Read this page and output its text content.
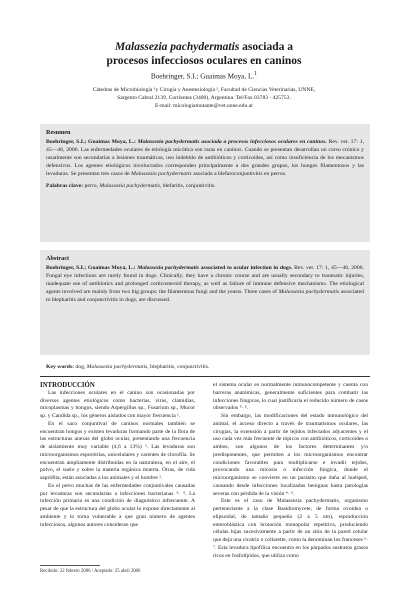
Malassezia pachydermatis asociada a
procesos infecciosos oculares en caninos
Boehringer, S.I.; Guaimas Moya, L.$^1$
Cátedras de Microbiología ¹y Cirugía y Anestesiología ², Facultad de Ciencias Veterinarias, UNNE,
Sargento Cabral 2139, Corrientes (3400), Argentina. Tel/Fax 03783 - 425753.
E-mail: micologiamutante@vet.unne.edu.ar
Resumen

Boehringer, S.I.; Guaimas Moya, L.: Malassezia pachydermatis asociada a procesos infecciosos oculares en caninos. Rev. vet. 17: 1, 45—46, 2006. Las enfermedades oculares de etiología micótica son raras en caninos. Cuando se presentan desarrollan un curso crónico y usualmente son secundarias a lesiones traumáticas, uso indebido de antibióticos y corticoides, así como insuficiencia de los mecanismos defensivos. Los agentes etiológicos involucrados corresponden principalmente a dos grandes grupos, los hongos filamentosos y las levaduras. Se presentan tres casos de Malassezia pachydermatis asociada a blefaroconjuntivitis en perros.

Palabras clave: perro, Malassezia pachydermatis, blefaritis, conjuntivitis.

Abstract

Boehringer, S.I.; Guaimas Moya, L.: Malassezia pachydermatis associated to ocular infection in dogs. Rev. vet. 17: 1, 45—46, 2006. Fungal eye infections are rarely found in dogs. Clinically, they have a chronic course and are usually secondary to traumatic injuries, inadequate use of antibiotics and prolonged corticosteroid therapy, as well as failure of immune defensive mechanisms. The etiological agents involved are mainly from two big groups: the filamentous fungi and the yeasts. Three cases of Malassezia pachydermatis associated to blepharitis and conjunctivitis in dogs, are discussed.

Key words: dog, Malassezia pachydermatis, blepharitis, conjunctivitis.

INTRODUCCIÓN

Las infecciones oculares en el canino son ocasionadas por diversos agentes etiológicos como bacterias, virus, clamidias, micoplasmas y hongos, siendo Aspergillus sp., Fusarium sp., Mucor sp. y Candida sp., los géneros aislados con mayor frecuencia ¹.

En el saco conjuntival de caninos normales también se encuentran hongos y existen levaduras formando parte de la flora de las estructuras anexas del globo ocular, presentando una frecuencia de aislamiento muy variable (4,6 a 13%) ². Las levaduras son microorganismos esporótrías, unicelulares y carentes de clorofila. Se encuentran ampliamente distribuidas en la naturaleza, en el aire, el polvo, el suelo y sobre la materia orgánica muerta. Otras, de vida saprófita, están asociadas a los animales y el hombre ².

En el perro muchas de las enfermedades conjuntivales causadas por levaduras son secundarias a infecciones bacterianas ³· ⁴. La infección primaria es una condición de diagnóstico infrecuente. A pesar de que la estructura del globo ocular lo expone directamente al ambiente y lo torna vulnerable a que gran número de agentes infecciosos, algunos autores consideran que

el sistema ocular es normalmente inmunocompetente y cuenta con barreras anatómicas, generalmente suficientes para combatir las infecciones fúngicas, lo cual justificaría el reducido número de casos observados ⁵· ⁶.

Sin embargo, las modificaciones del estado inmunológico del animal, el acceso directo a través de traumatismos oculares, las cirugías, la extensión a partir de tejidos infectados adyacentes y el uso cada vez más frecuente de tópicos con antibióticos, corticoides o ambos, son algunos de los factores determinantes y/o predisponentes, que permiten a los microorganismos encontrar condiciones favorables para multiplicarse e invadir tejidos, provocando una micosis o infección fúngica, donde el microorganismo se convierte en un parásito que daña al huésped, causando desde infecciones localizadas benignas hasta patologías severas con pérdida de la visión ⁴· ⁶.

Este es el caso de Malassezia pachydermatis, organismo perteneciente a la clase Basidiomycete, de forma ovoidea o elipsoidal, de tamaño pequeño (2 a 5 um), reproducción enterobláztica con brotación monopolar repetitiva, produciendo células hijas sucesivamente a partir de un sitio de la pared celular que deja una cicatriz o collarette, como la denominan los franceses ⁶· ⁷. Esta levadura lipofílica encuentra en los párpados sustratos grasos ricos en fosfolípidos, que utiliza como

Recibido: 22 febrero 2006 / Aceptado: 25 abril 2006
